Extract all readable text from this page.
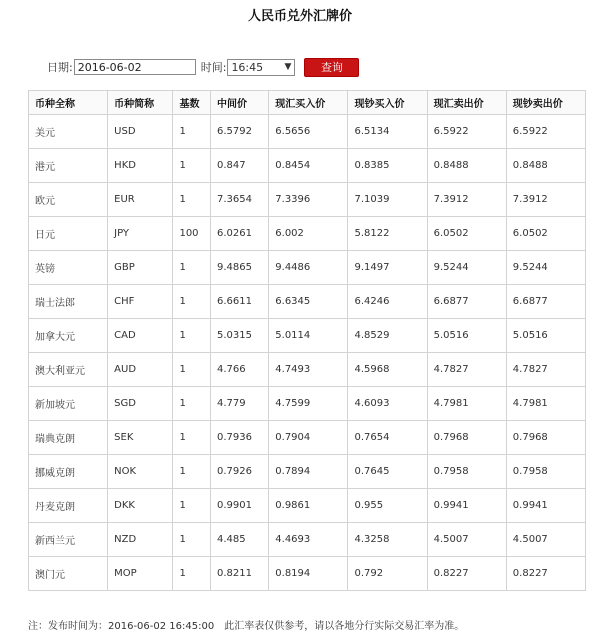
人民币兑外汇牌价
日期:
2016-06-02	时间: 16:45 ▼	查询
币种全称	币种简称	基数	中间价	现汇买入价	现钞买入价	现汇卖出价	现钞卖出价
美元	USD	1	6.5792	6.5656	6.5134	6.5922	6.5922
港元	HKD	1	0.847	0.8454	0.8385	0.8488	0.8488
欧元	EUR	1	7.3654	7.3396	7.1039	7.3912	7.3912
日元	JPY	100	6.0261	6.002	5.8122	6.0502	6.0502
英镑	GBP	1	9.4865	9.4486	9.1497	9.5244	9.5244
瑞士法郎	CHF	1	6.6611	6.6345	6.4246	6.6877	6.6877
加拿大元	CAD	1	5.0315	5.0114	4.8529	5.0516	5.0516
澳大利亚元	AUD	1	4.766	4.7493	4.5968	4.7827	4.7827
新加坡元	SGD	1	4.779	4.7599	4.6093	4.7981	4.7981
瑞典克朗	SEK	1	0.7936	0.7904	0.7654	0.7968	0.7968
挪威克朗	NOK	1	0.7926	0.7894	0.7645	0.7958	0.7958
丹麦克朗	DKK	1	0.9901	0.9861	0.955	0.9941	0.9941
新西兰元	NZD	1	4.485	4.4693	4.3258	4.5007	4.5007
澳门元	MOP	1	0.8211	0.8194	0.792	0.8227	0.8227
注：发布时间为：2016-06-02 16:45:00　此汇率表仅供参考，请以各地分行实际交易汇率为准。
